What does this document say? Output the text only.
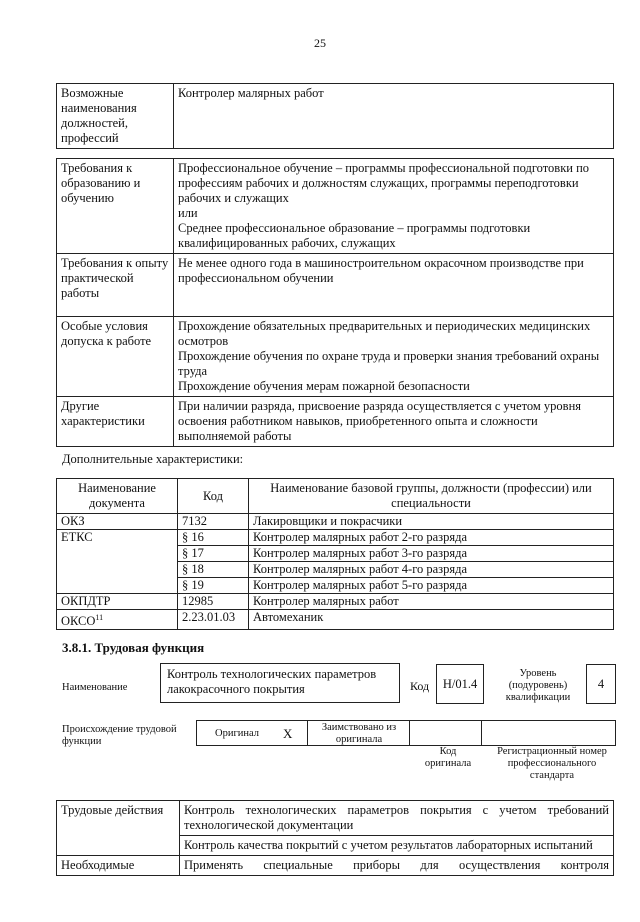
25
Возможные наименования должностей, профессий	Контролер малярных работ
Требования к образованию и обучению	Профессиональное обучение – программы профессиональной подготовки по профессиям рабочих и должностям служащих, программы переподготовки рабочих и служащих
или
Среднее профессиональное образование – программы подготовки квалифицированных рабочих, служащих

Требования к опыту практической работы	Не менее одного года в машиностроительном окрасочном производстве при профессиональном обучении
Особые условия допуска к работе	Прохождение обязательных предварительных и периодических медицинских осмотров
Прохождение обучения по охране труда и проверки знания требований охраны труда
Прохождение обучения мерам пожарной безопасности

Другие характеристики	При наличии разряда, присвоение разряда осуществляется с учетом уровня освоения работником навыков, приобретенного опыта и сложности выполняемой работы
Дополнительные характеристики:
Наименование документа	Код	Наименование базовой группы, должности (профессии) или специальности
ОКЗ	7132	Лакировщики и покрасчики
ЕТКС	§ 16	Контролер малярных работ 2-го разряда
	§ 17	Контролер малярных работ 3-го разряда
	§ 18	Контролер малярных работ 4-го разряда
	§ 19	Контролер малярных работ 5-го разряда
ОКПДТР	12985	Контролер малярных работ
ОКСО$^{11}$	2.23.01.03	Автомеханик
3.8.1. Трудовая функция
Наименование
Контроль технологических параметров лакокрасочного покрытия	Код	H/01.4
Уровень (подуровень) квалификации
4
Происхождение трудовой функции
Оригинал X	Заимствовано из оригинала
Код оригинала
Регистрационный номер профессионального стандарта
Трудовые действия	Контроль технологических параметров покрытия с учетом требований технологической документации
	Контроль качества покрытий с учетом результатов лабораторных испытаний
Необходимые	Применять специальные приборы для осуществления контроля
